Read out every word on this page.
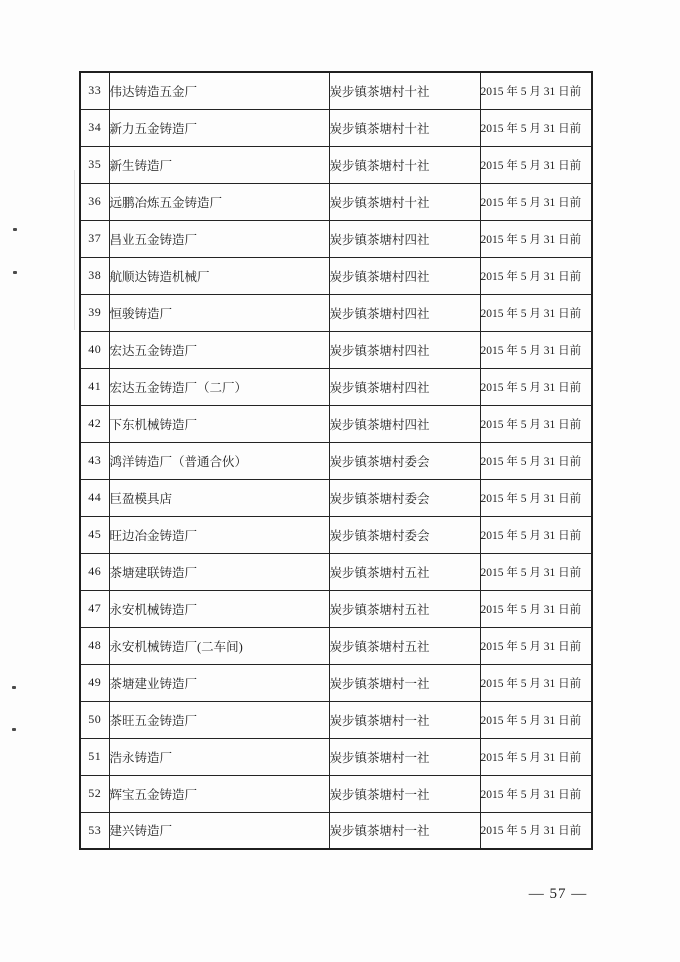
33	伟达铸造五金厂	炭步镇茶塘村十社	2015 年 5 月 31 日前
34	新力五金铸造厂	炭步镇茶塘村十社	2015 年 5 月 31 日前
35	新生铸造厂	炭步镇茶塘村十社	2015 年 5 月 31 日前
36	远鹏冶炼五金铸造厂	炭步镇茶塘村十社	2015 年 5 月 31 日前
37	昌业五金铸造厂	炭步镇茶塘村四社	2015 年 5 月 31 日前
38	航顺达铸造机械厂	炭步镇茶塘村四社	2015 年 5 月 31 日前
39	恒骏铸造厂	炭步镇茶塘村四社	2015 年 5 月 31 日前
40	宏达五金铸造厂	炭步镇茶塘村四社	2015 年 5 月 31 日前
41	宏达五金铸造厂（二厂）	炭步镇茶塘村四社	2015 年 5 月 31 日前
42	下东机械铸造厂	炭步镇茶塘村四社	2015 年 5 月 31 日前
43	鸿洋铸造厂（普通合伙）	炭步镇茶塘村委会	2015 年 5 月 31 日前
44	巨盈模具店	炭步镇茶塘村委会	2015 年 5 月 31 日前
45	旺边冶金铸造厂	炭步镇茶塘村委会	2015 年 5 月 31 日前
46	茶塘建联铸造厂	炭步镇茶塘村五社	2015 年 5 月 31 日前
47	永安机械铸造厂	炭步镇茶塘村五社	2015 年 5 月 31 日前
48	永安机械铸造厂(二车间)	炭步镇茶塘村五社	2015 年 5 月 31 日前
49	茶塘建业铸造厂	炭步镇茶塘村一社	2015 年 5 月 31 日前
50	茶旺五金铸造厂	炭步镇茶塘村一社	2015 年 5 月 31 日前
51	浩永铸造厂	炭步镇茶塘村一社	2015 年 5 月 31 日前
52	辉宝五金铸造厂	炭步镇茶塘村一社	2015 年 5 月 31 日前
53	建兴铸造厂	炭步镇茶塘村一社	2015 年 5 月 31 日前
— 57 —
